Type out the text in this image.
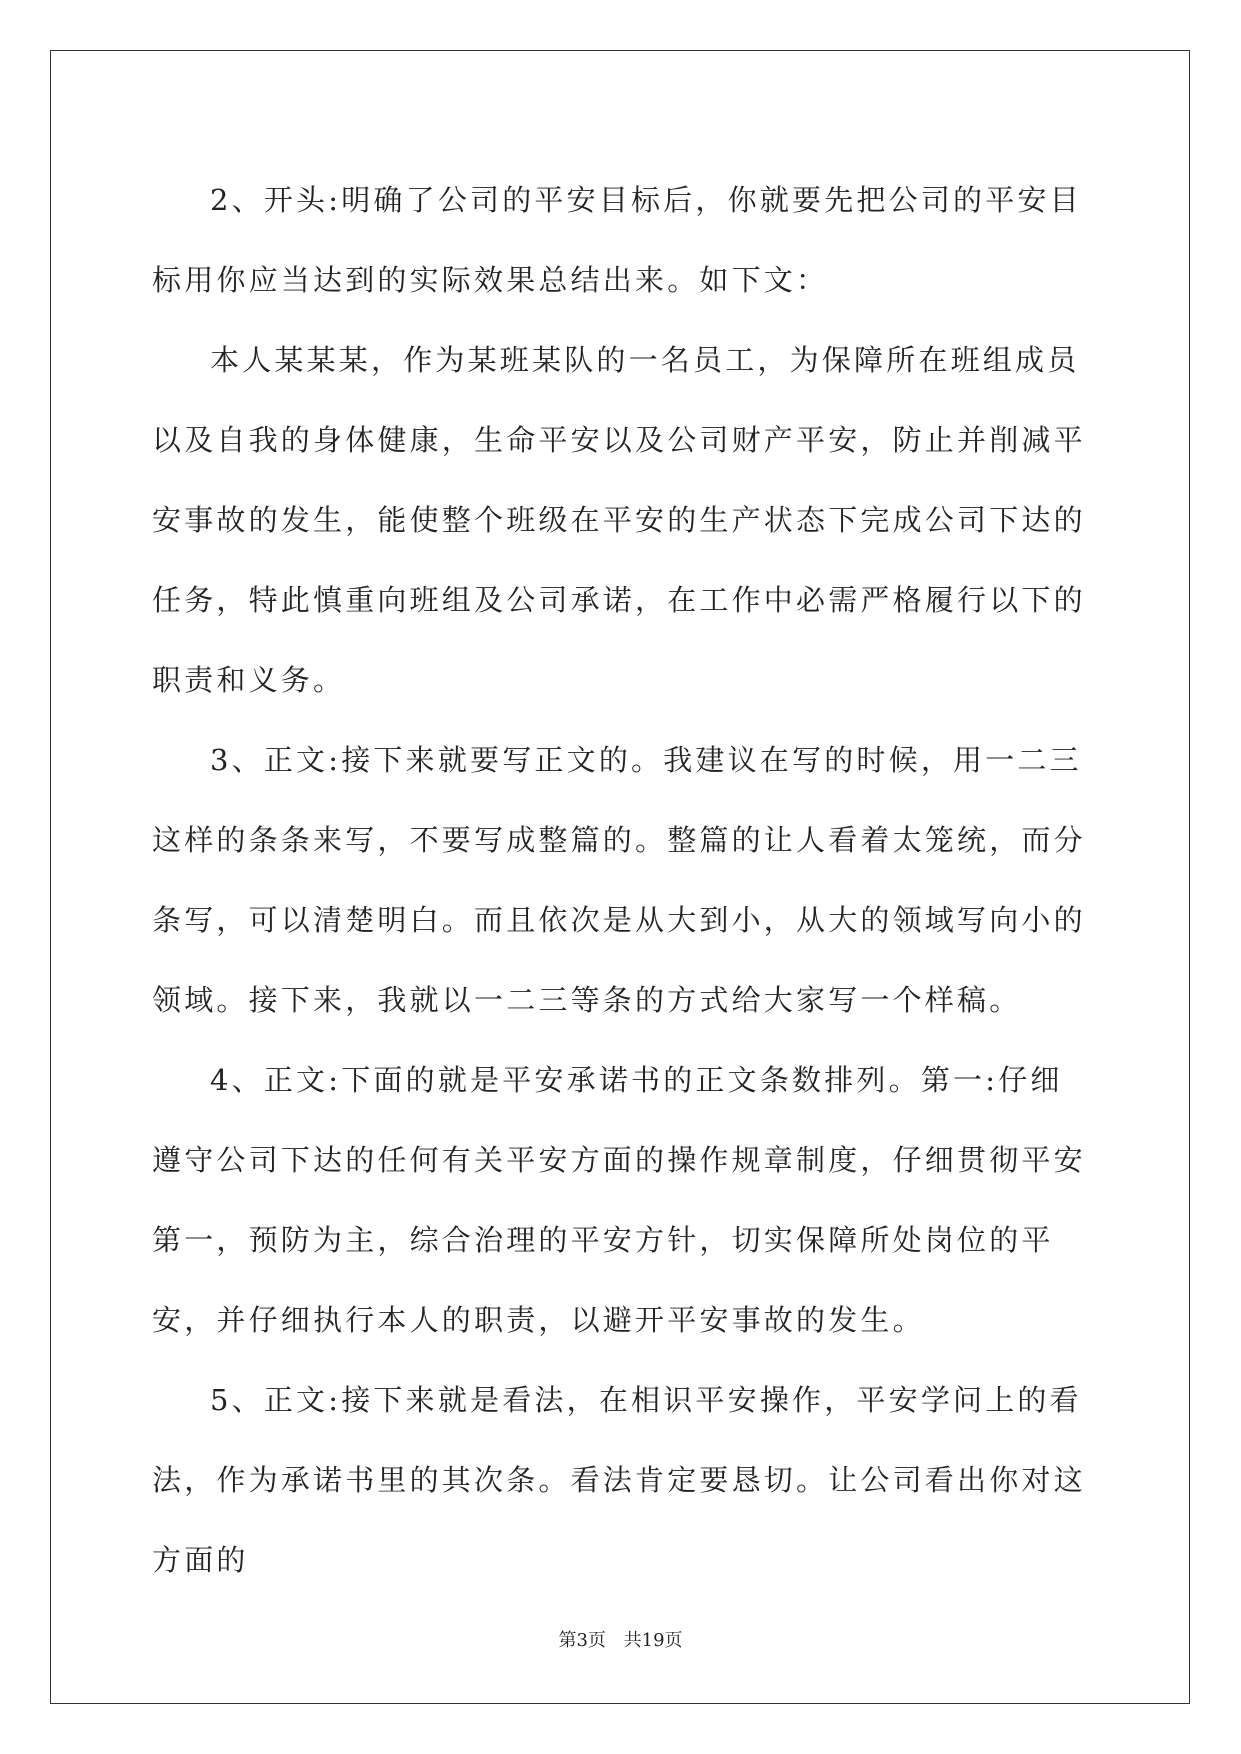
2、开头:明确了公司的平安目标后，你就要先把公司的平安目标用你应当达到的实际效果总结出来。如下文：

本人某某某，作为某班某队的一名员工，为保障所在班组成员以及自我的身体健康，生命平安以及公司财产平安，防止并削减平安事故的发生，能使整个班级在平安的生产状态下完成公司下达的任务，特此慎重向班组及公司承诺，在工作中必需严格履行以下的职责和义务。

3、正文:接下来就要写正文的。我建议在写的时候，用一二三这样的条条来写，不要写成整篇的。整篇的让人看着太笼统，而分条写，可以清楚明白。而且依次是从大到小，从大的领域写向小的领域。接下来，我就以一二三等条的方式给大家写一个样稿。

4、正文:下面的就是平安承诺书的正文条数排列。第一:仔细遵守公司下达的任何有关平安方面的操作规章制度，仔细贯彻平安第一，预防为主，综合治理的平安方针，切实保障所处岗位的平安，并仔细执行本人的职责，以避开平安事故的发生。

5、正文:接下来就是看法，在相识平安操作，平安学问上的看法，作为承诺书里的其次条。看法肯定要恳切。让公司看出你对这方面的

第3页 共19页
